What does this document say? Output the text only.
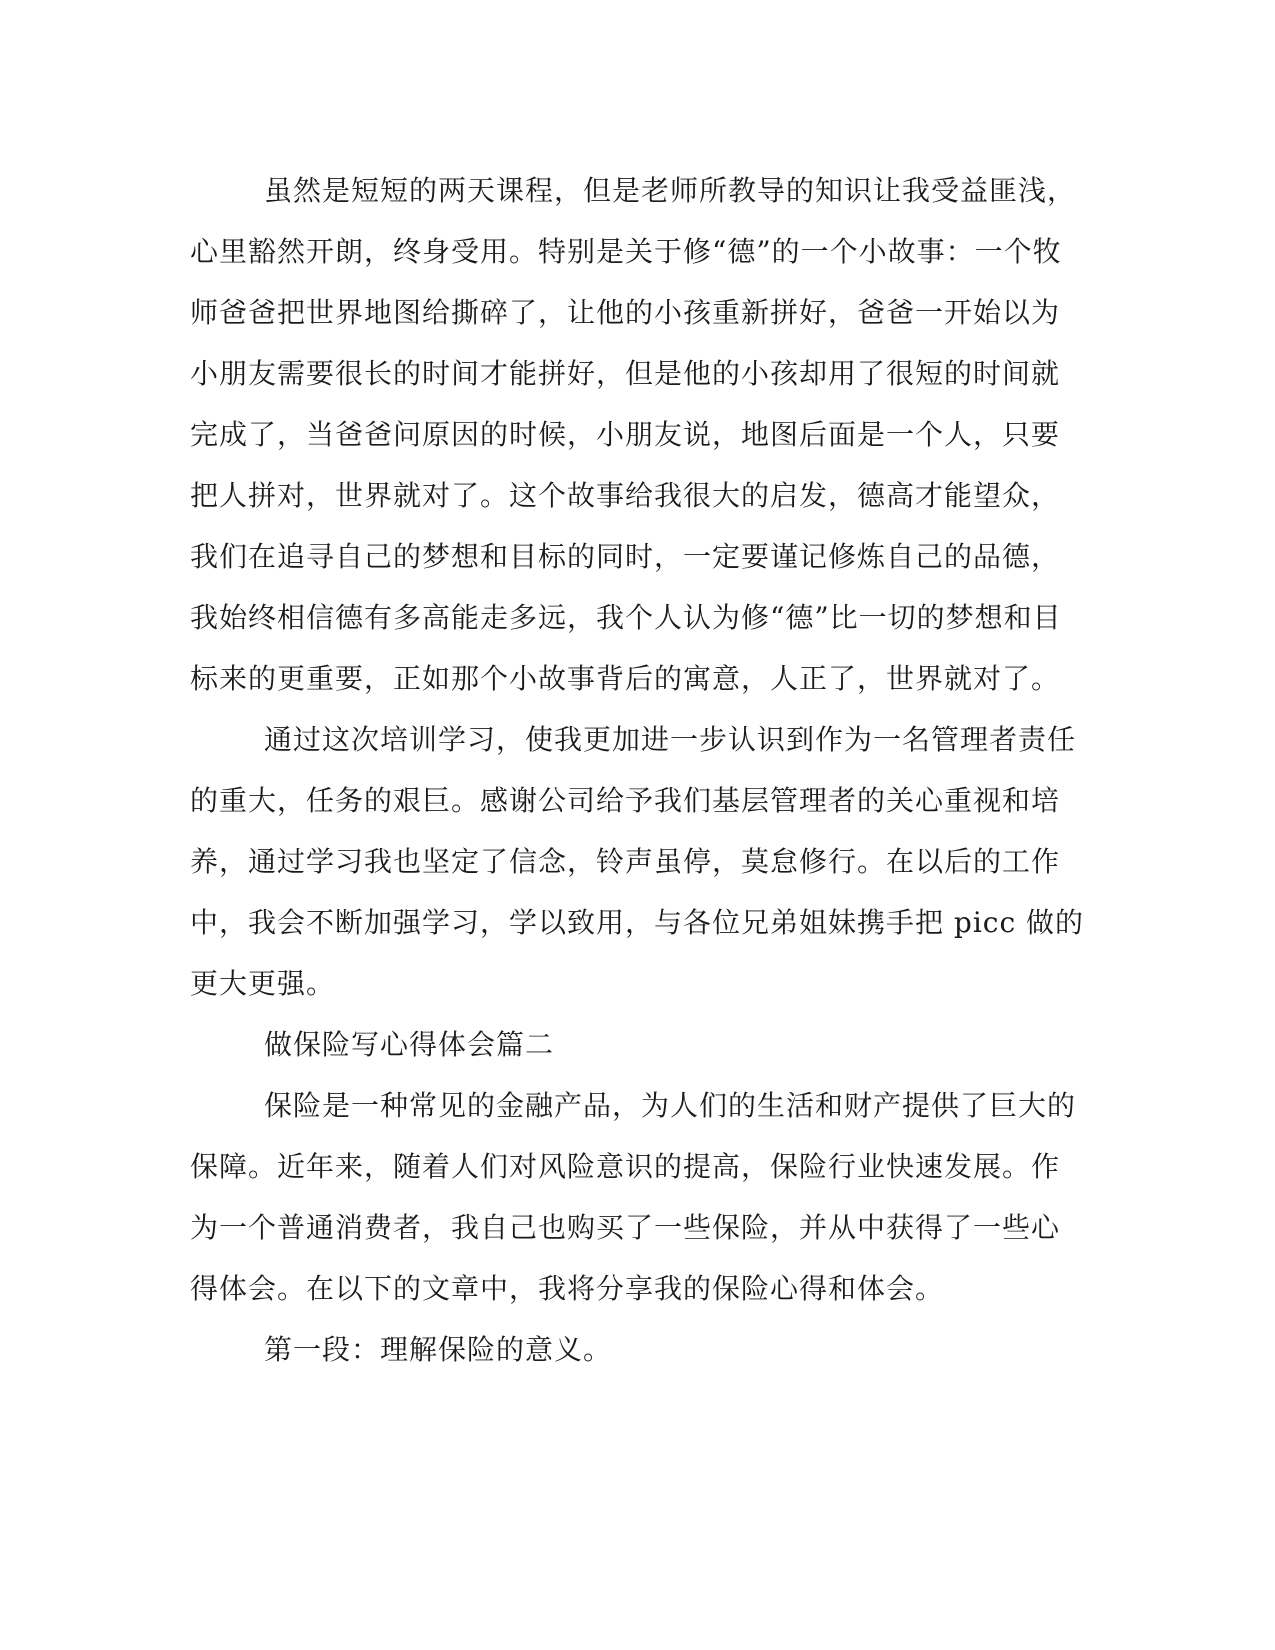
虽然是短短的两天课程，但是老师所教导的知识让我受益匪浅，
心里豁然开朗，终身受用。特别是关于修“德”的一个小故事：一个牧
师爸爸把世界地图给撕碎了，让他的小孩重新拼好，爸爸一开始以为
小朋友需要很长的时间才能拼好，但是他的小孩却用了很短的时间就
完成了，当爸爸问原因的时候，小朋友说，地图后面是一个人，只要
把人拼对，世界就对了。这个故事给我很大的启发，德高才能望众，
我们在追寻自己的梦想和目标的同时，一定要谨记修炼自己的品德，
我始终相信德有多高能走多远，我个人认为修“德”比一切的梦想和目
标来的更重要，正如那个小故事背后的寓意，人正了，世界就对了。
通过这次培训学习，使我更加进一步认识到作为一名管理者责任
的重大，任务的艰巨。感谢公司给予我们基层管理者的关心重视和培
养，通过学习我也坚定了信念，铃声虽停，莫怠修行。在以后的工作
中，我会不断加强学习，学以致用，与各位兄弟姐妹携手把 picc 做的
更大更强。
做保险写心得体会篇二
保险是一种常见的金融产品，为人们的生活和财产提供了巨大的
保障。近年来，随着人们对风险意识的提高，保险行业快速发展。作
为一个普通消费者，我自己也购买了一些保险，并从中获得了一些心
得体会。在以下的文章中，我将分享我的保险心得和体会。
第一段：理解保险的意义。
